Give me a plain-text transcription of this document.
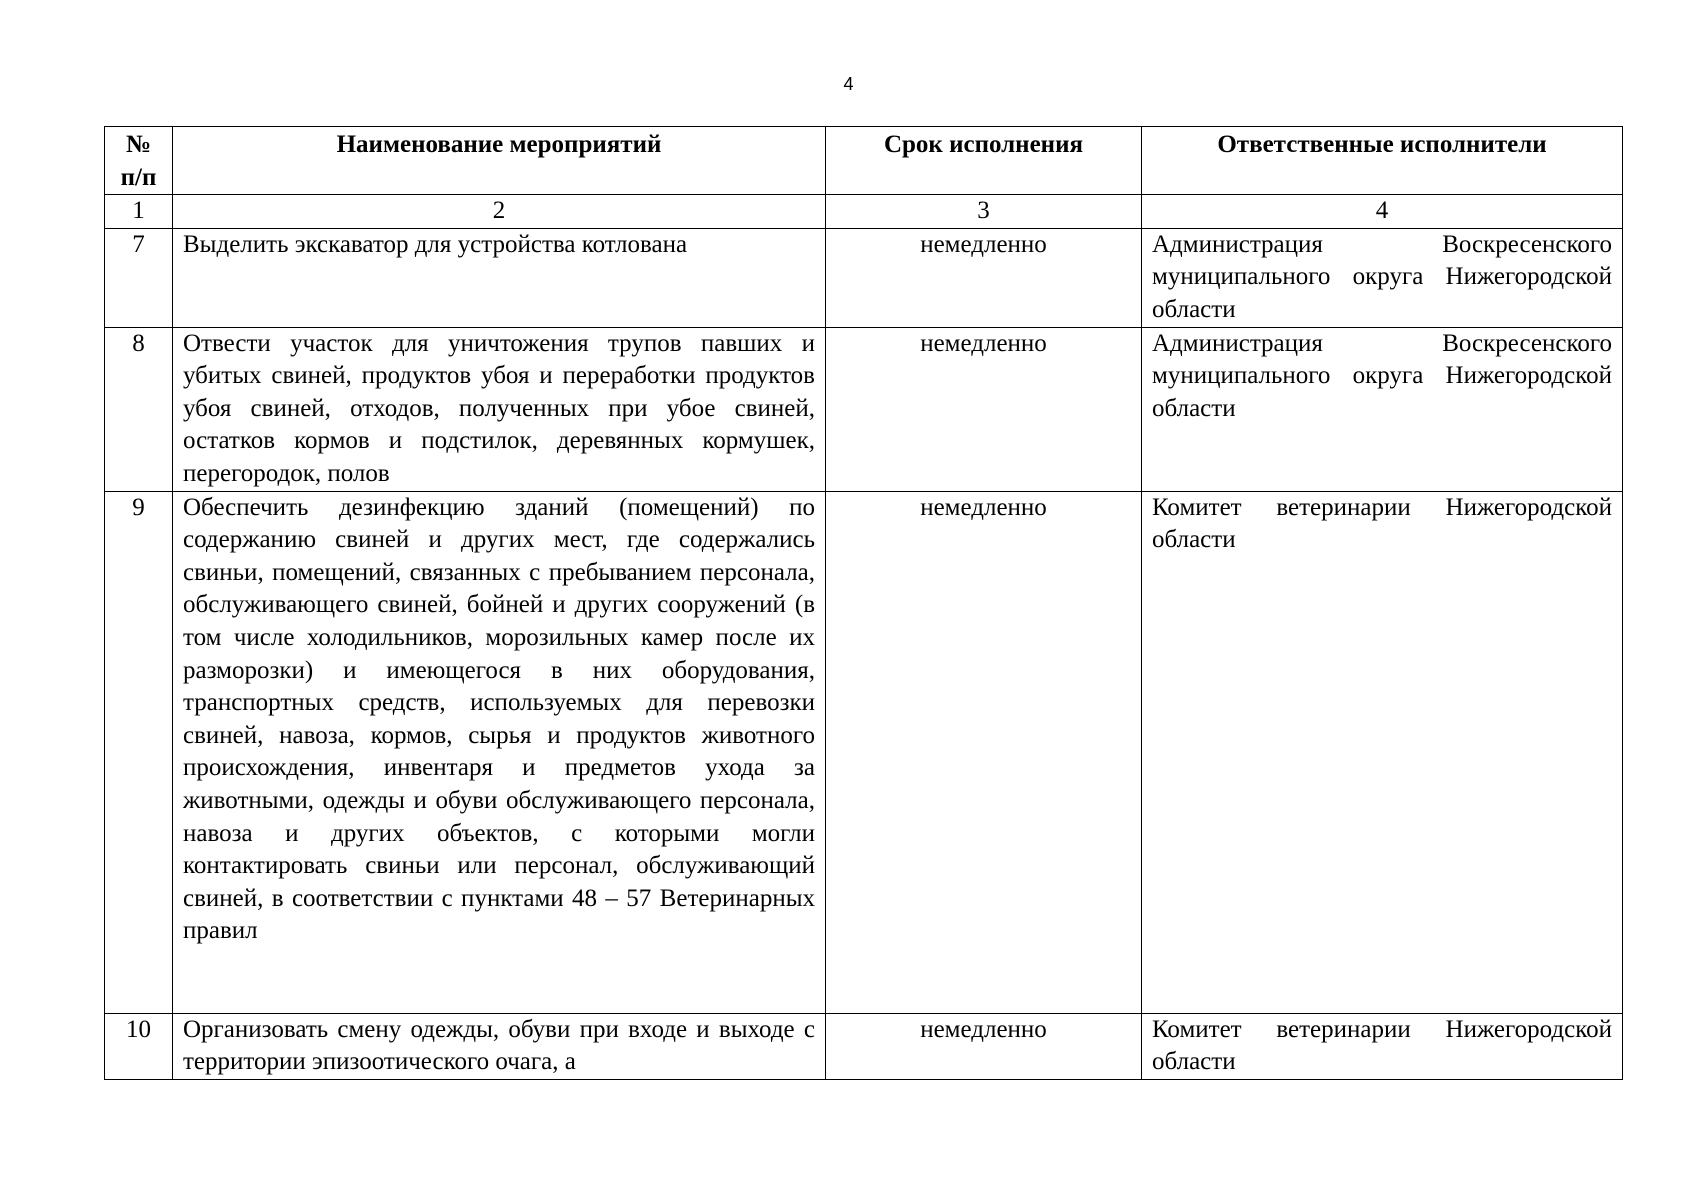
4
№ п/п	Наименование мероприятий	Срок исполнения	Ответственные исполнители
1	2	3	4
7	Выделить экскаватор для устройства котлована	немедленно	Администрация Воскресенского муниципального округа Нижегородской области
8	Отвести участок для уничтожения трупов павших и убитых свиней, продуктов убоя и переработки продуктов убоя свиней, отходов, полученных при убое свиней, остатков кормов и подстилок, деревянных кормушек, перегородок, полов	немедленно	Администрация Воскресенского муниципального округа Нижегородской области
9	Обеспечить дезинфекцию зданий (помещений) по содержанию свиней и других мест, где содержались свиньи, помещений, связанных с пребыванием персонала, обслуживающего свиней, бойней и других сооружений (в том числе холодильников, морозильных камер после их разморозки) и имеющегося в них оборудования, транспортных средств, используемых для перевозки свиней, навоза, кормов, сырья и продуктов животного происхождения, инвентаря и предметов ухода за животными, одежды и обуви обслуживающего персонала, навоза и других объектов, с которыми могли контактировать свиньи или персонал, обслуживающий свиней, в соответствии с пунктами 48 – 57 Ветеринарных правил	немедленно	Комитет ветеринарии Нижегородской области
10	Организовать смену одежды, обуви при входе и выходе с территории эпизоотического очага, а	немедленно	Комитет ветеринарии Нижегородской области
